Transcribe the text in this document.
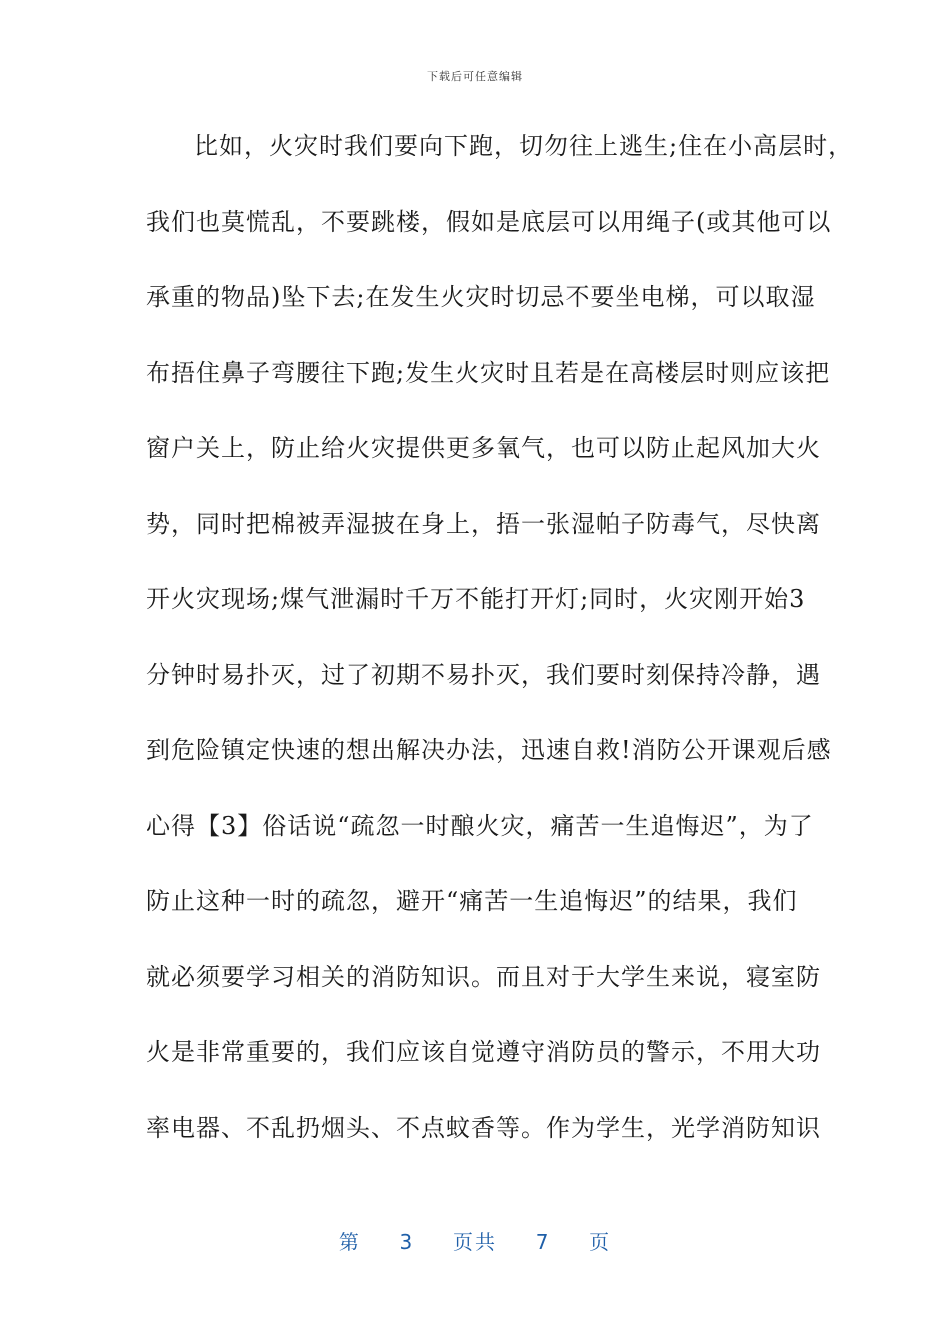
下载后可任意编辑
比如，火灾时我们要向下跑，切勿往上逃生;住在小高层时，
我们也莫慌乱，不要跳楼，假如是底层可以用绳子(或其他可以
承重的物品)坠下去;在发生火灾时切忌不要坐电梯，可以取湿
布捂住鼻子弯腰往下跑;发生火灾时且若是在高楼层时则应该把
窗户关上，防止给火灾提供更多氧气，也可以防止起风加大火
势，同时把棉被弄湿披在身上，捂一张湿帕子防毒气，尽快离
开火灾现场;煤气泄漏时千万不能打开灯;同时，火灾刚开始3
分钟时易扑灭，过了初期不易扑灭，我们要时刻保持冷静，遇
到危险镇定快速的想出解决办法，迅速自救!消防公开课观后感
心得【3】俗话说“疏忽一时酿火灾，痛苦一生追悔迟”，为了
防止这种一时的疏忽，避开“痛苦一生追悔迟”的结果，我们
就必须要学习相关的消防知识。而且对于大学生来说，寝室防
火是非常重要的，我们应该自觉遵守消防员的警示，不用大功
率电器、不乱扔烟头、不点蚊香等。作为学生，光学消防知识
第 3 页共 7 页
